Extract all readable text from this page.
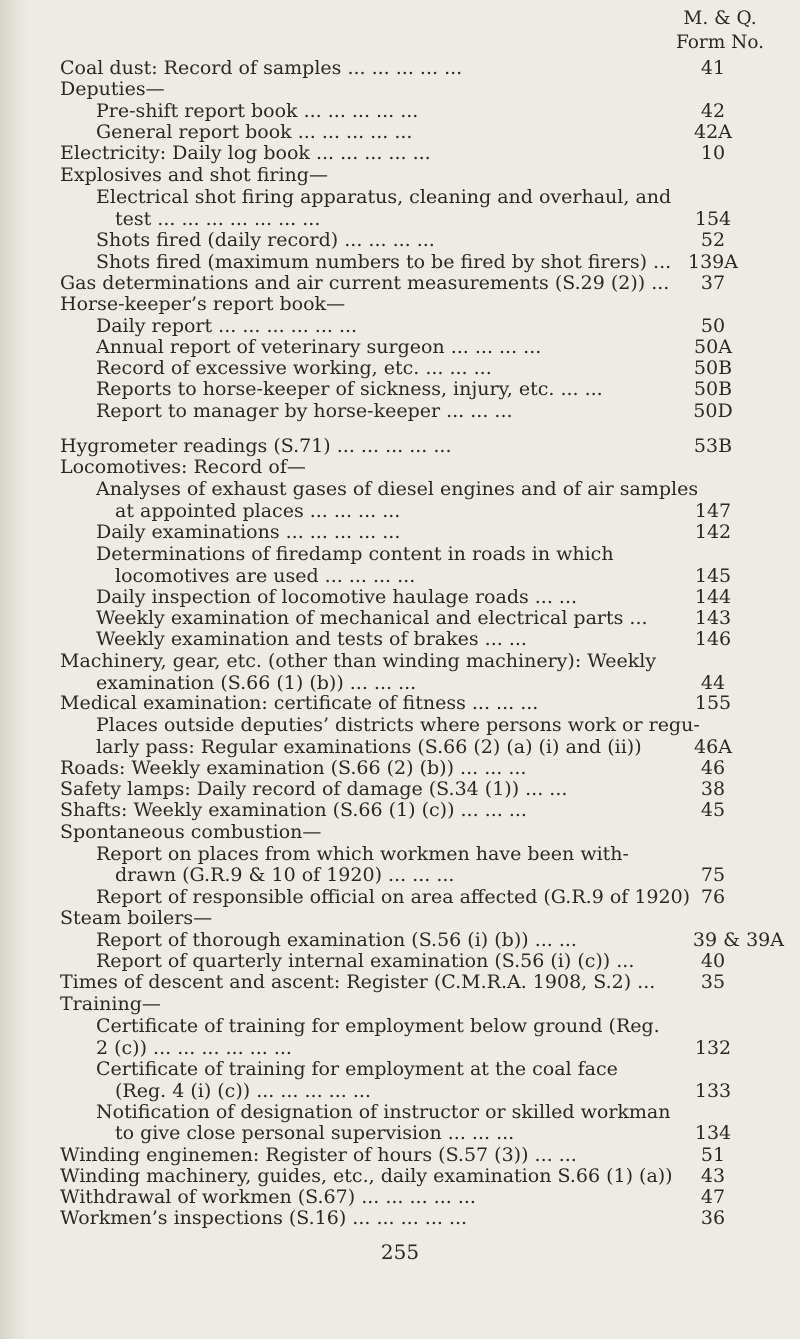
M. & Q.
Form No.
Coal dust: Record of samples ... ... ... ... ...	41
Deputies—
Pre-shift report book ... ... ... ... ...	42
General report book ... ... ... ... ...	42A
Electricity: Daily log book ... ... ... ... ...	10
Explosives and shot firing—
Electrical shot firing apparatus, cleaning and overhaul, and
test ... ... ... ... ... ... ...	154
Shots fired (daily record) ... ... ... ...	52
Shots fired (maximum numbers to be fired by shot firers) ... 139A
Gas determinations and air current measurements (S.29 (2)) ...	37
Horse-keeper’s report book—
Daily report ... ... ... ... ... ...	50
Annual report of veterinary surgeon ... ... ... ...	50A
Record of excessive working, etc. ... ... ...	50B
Reports to horse-keeper of sickness, injury, etc. ... ...	50B
Report to manager by horse-keeper ... ... ...	50D
Hygrometer readings (S.71) ... ... ... ... ...	53B
Locomotives: Record of—
Analyses of exhaust gases of diesel engines and of air samples
at appointed places ... ... ... ...	147
Daily examinations ... ... ... ... ...	142
Determinations of firedamp content in roads in which
locomotives are used ... ... ... ...	145
Daily inspection of locomotive haulage roads ... ...	144
Weekly examination of mechanical and electrical parts ...	143
Weekly examination and tests of brakes ... ...	146
Machinery, gear, etc. (other than winding machinery): Weekly
examination (S.66 (1) (b)) ... ... ...	44
Medical examination: certificate of fitness ... ... ...	155
Places outside deputies’ districts where persons work or regu-
larly pass: Regular examinations (S.66 (2) (a) (i) and (ii))	46A
Roads: Weekly examination (S.66 (2) (b)) ... ... ...	46
Safety lamps: Daily record of damage (S.34 (1)) ... ...	38
Shafts: Weekly examination (S.66 (1) (c)) ... ... ...	45
Spontaneous combustion—
Report on places from which workmen have been with-
drawn (G.R.9 & 10 of 1920) ... ... ...	75
Report of responsible official on area affected (G.R.9 of 1920) 76
Steam boilers—
Report of thorough examination (S.56 (i) (b)) ... ...	39 & 39A
Report of quarterly internal examination (S.56 (i) (c)) ...	40
Times of descent and ascent: Register (C.M.R.A. 1908, S.2) ...	35
Training—
Certificate of training for employment below ground (Reg.
2 (c)) ... ... ... ... ... ...	132
Certificate of training for employment at the coal face
(Reg. 4 (i) (c)) ... ... ... ... ...	133
Notification of designation of instructor or skilled workman
to give close personal supervision ... ... ...	134
Winding enginemen: Register of hours (S.57 (3)) ... ...	51
Winding machinery, guides, etc., daily examination S.66 (1) (a))	43
Withdrawal of workmen (S.67) ... ... ... ... ...	47
Workmen’s inspections (S.16) ... ... ... ... ...	36
255
